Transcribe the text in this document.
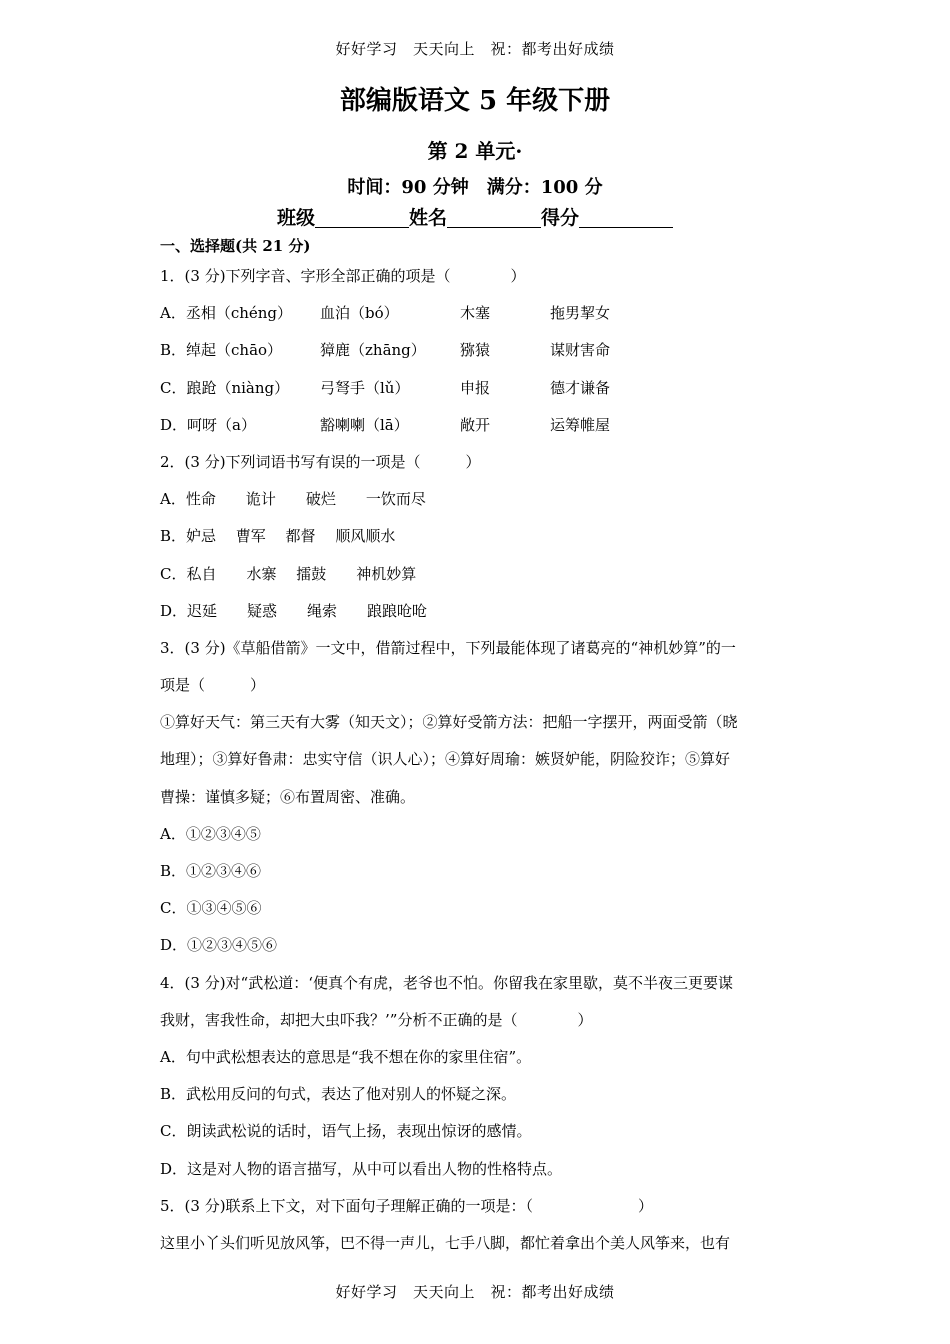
好好学习　天天向上　祝：都考出好成绩
部编版语文 5 年级下册
第 2 单元·
时间：90 分钟 满分：100 分
班级	姓名	得分
一、选择题(共 21 分)
1．(3 分)下列字音、字形全部正确的项是（　　　　）
A．丞相（chéng） 血泊（bó）	木塞	拖男挈女
B．绰起（chāo）	獐鹿（zhāng） 猕猿	谋财害命
C．踉跄（niàng） 弓弩手（lǔ）	申报	德才谦备
D．呵呀（a）	豁喇喇（lā）	敞开	运筹帷屋
2．(3 分)下列词语书写有误的一项是（　　　）
A．性命　　诡计　　破烂　　一饮而尽
B．妒忌　 曹军　 都督　 顺风顺水
C．私自　　水寨　 擂鼓　　神机妙算
D．迟延　　疑惑　　绳索　　踉踉呛呛
3．(3 分)《草船借箭》一文中，借箭过程中，下列最能体现了诸葛亮的“神机妙算”的一
项是（　　　）
①算好天气：第三天有大雾（知天文）；②算好受箭方法：把船一字摆开，两面受箭（晓
地理）；③算好鲁肃：忠实守信（识人心）；④算好周瑜：嫉贤妒能，阴险狡诈；⑤算好
曹操：谨慎多疑；⑥布置周密、准确。
A．①②③④⑤
B．①②③④⑥
C．①③④⑤⑥
D．①②③④⑤⑥
4．(3 分)对“武松道：‘便真个有虎，老爷也不怕。你留我在家里歇，莫不半夜三更要谋
我财，害我性命，却把大虫吓我？’”分析不正确的是（　　　　）
A．句中武松想表达的意思是“我不想在你的家里住宿”。
B．武松用反问的句式，表达了他对别人的怀疑之深。
C．朗读武松说的话时，语气上扬，表现出惊讶的感情。
D．这是对人物的语言描写，从中可以看出人物的性格特点。
5．(3 分)联系上下文，对下面句子理解正确的一项是：（　　　　　　　）
这里小丫头们听见放风筝，巴不得一声儿，七手八脚，都忙着拿出个美人风筝来，也有
好好学习　天天向上　祝：都考出好成绩
